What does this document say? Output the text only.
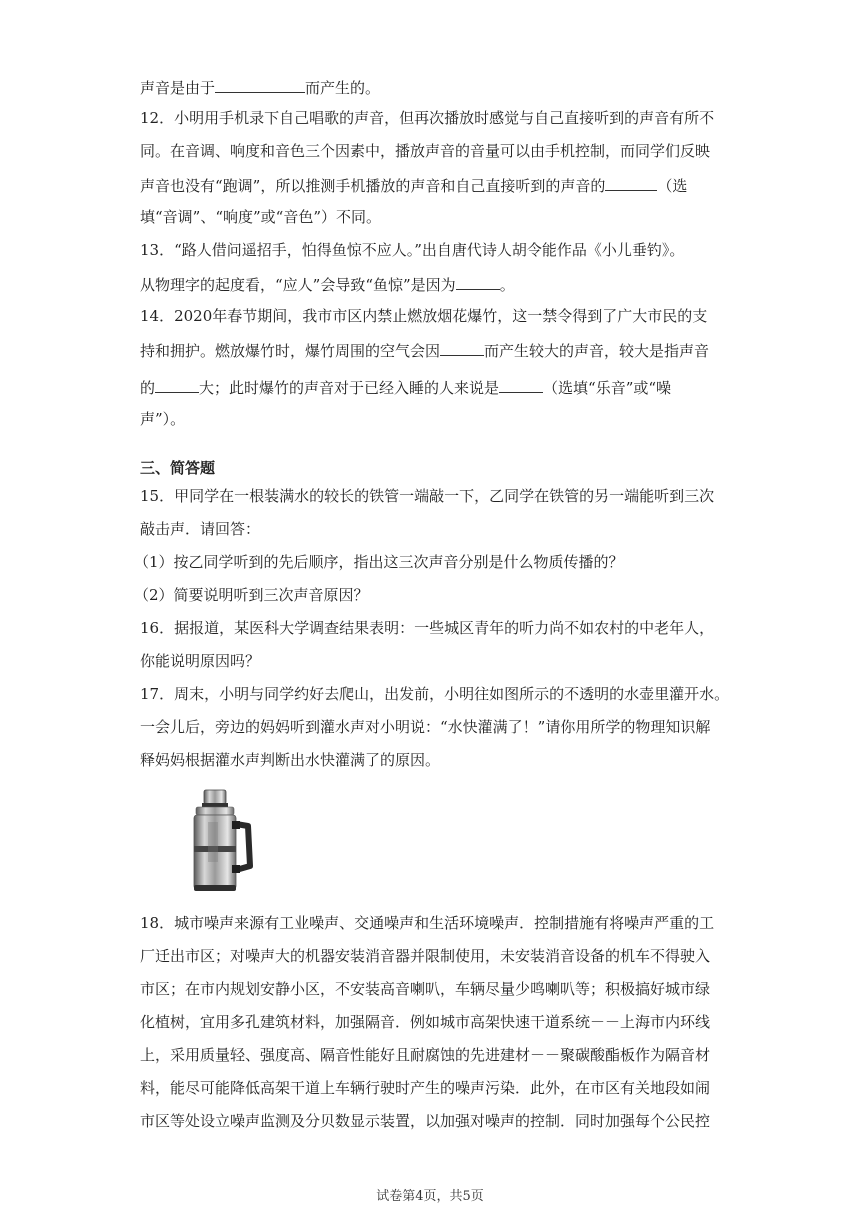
声音是由于	而产生的。
12．小明用手机录下自己唱歌的声音，但再次播放时感觉与自己直接听到的声音有所不
同。在音调、响度和音色三个因素中，播放声音的音量可以由手机控制，而同学们反映
声音也没有“跑调”，所以推测手机播放的声音和自己直接听到的声音的	（选
填“音调”、“响度”或“音色”）不同。
13．“路人借问遥招手，怕得鱼惊不应人。”出自唐代诗人胡令能作品《小儿垂钓》。
从物理字的起度看，“应人”会导致“鱼惊”是因为	。
14．2020年春节期间，我市市区内禁止燃放烟花爆竹，这一禁令得到了广大市民的支
持和拥护。燃放爆竹时，爆竹周围的空气会因	而产生较大的声音，较大是指声音
的	大；此时爆竹的声音对于已经入睡的人来说是	（选填“乐音”或“噪
声”）。
三、简答题
15．甲同学在一根装满水的较长的铁管一端敲一下，乙同学在铁管的另一端能听到三次
敲击声．请回答：
（1）按乙同学听到的先后顺序，指出这三次声音分别是什么物质传播的？
（2）简要说明听到三次声音原因？
16．据报道，某医科大学调查结果表明：一些城区青年的听力尚不如农村的中老年人，
你能说明原因吗？
17．周末，小明与同学约好去爬山，出发前，小明往如图所示的不透明的水壶里灌开水。
一会儿后，旁边的妈妈听到灌水声对小明说：“水快灌满了！”请你用所学的物理知识解
释妈妈根据灌水声判断出水快灌满了的原因。
18．城市噪声来源有工业噪声、交通噪声和生活环境噪声．控制措施有将噪声严重的工
厂迁出市区；对噪声大的机器安装消音器并限制使用，未安装消音设备的机车不得驶入
市区；在市内规划安静小区，不安装高音喇叭，车辆尽量少鸣喇叭等；积极搞好城市绿
化植树，宜用多孔建筑材料，加强隔音．例如城市高架快速干道系统－－上海市内环线
上，采用质量轻、强度高、隔音性能好且耐腐蚀的先进建材－－聚碳酸酯板作为隔音材
料，能尽可能降低高架干道上车辆行驶时产生的噪声污染．此外，在市区有关地段如闹
市区等处设立噪声监测及分贝数显示装置，以加强对噪声的控制．同时加强每个公民控
试卷第4页，共5页
